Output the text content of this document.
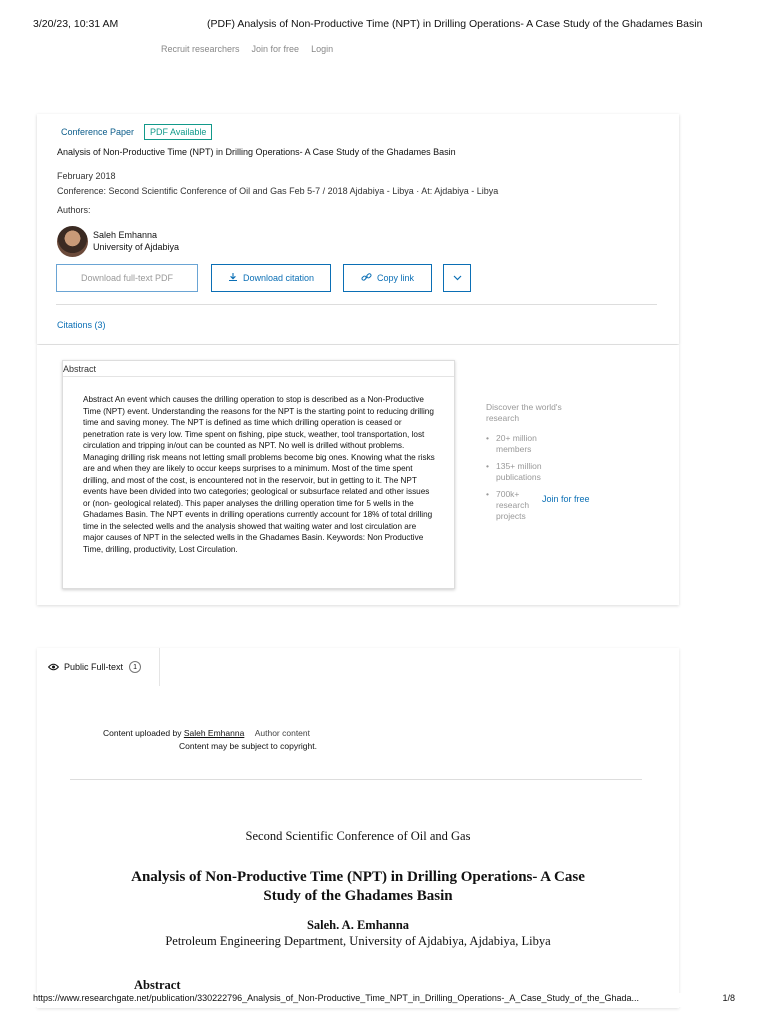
3/20/23, 10:31 AM	(PDF) Analysis of Non-Productive Time (NPT) in Drilling Operations- A Case Study of the Ghadames Basin
Recruit researchers Join for free Login
Conference Paper	PDF Available
Analysis of Non-Productive Time (NPT) in Drilling Operations- A Case Study of the Ghadames Basin
February 2018
Conference: Second Scientific Conference of Oil and Gas Feb 5-7 / 2018 Ajdabiya - Libya · At: Ajdabiya - Libya
Authors:
Saleh Emhanna
University of Ajdabiya
Download full-text PDF	Download citation	Copy link
Citations (3)
Abstract
Abstract An event which causes the drilling operation to stop is described as a Non-Productive Time (NPT) event. Understanding the reasons for the NPT is the starting point to reducing drilling time and saving money. The NPT is defined as time which drilling operation is ceased or penetration rate is very low. Time spent on fishing, pipe stuck, weather, tool transportation, lost circulation and tripping in/out can be counted as NPT. No well is drilled without problems. Managing drilling risk means not letting small problems become big ones. Knowing what the risks are and when they are likely to occur keeps surprises to a minimum. Most of the time spent drilling, and most of the cost, is encountered not in the reservoir, but in getting to it. The NPT events have been divided into two categories; geological or subsurface related and other issues or (non- geological related). This paper analyses the drilling operation time for 5 wells in the Ghadames Basin. The NPT events in drilling operations currently account for 18% of total drilling time in the selected wells and the analysis showed that waiting water and lost circulation are major causes of NPT in the selected wells in the Ghadames Basin. Keywords: Non Productive Time, drilling, productivity, Lost Circulation.
Discover the world's research
• 20+ million members
• 135+ million publications
• 700k+ research projects
Join for free
Public Full-text	1
Content uploaded by Saleh Emhanna Author content
Content may be subject to copyright.
Second Scientific Conference of Oil and Gas
Analysis of Non-Productive Time (NPT) in Drilling Operations- A Case Study of the Ghadames Basin
Saleh. A. Emhanna
Petroleum Engineering Department, University of Ajdabiya, Ajdabiya, Libya
Abstract
https://www.researchgate.net/publication/330222796_Analysis_of_Non-Productive_Time_NPT_in_Drilling_Operations-_A_Case_Study_of_the_Ghada...	1/8
